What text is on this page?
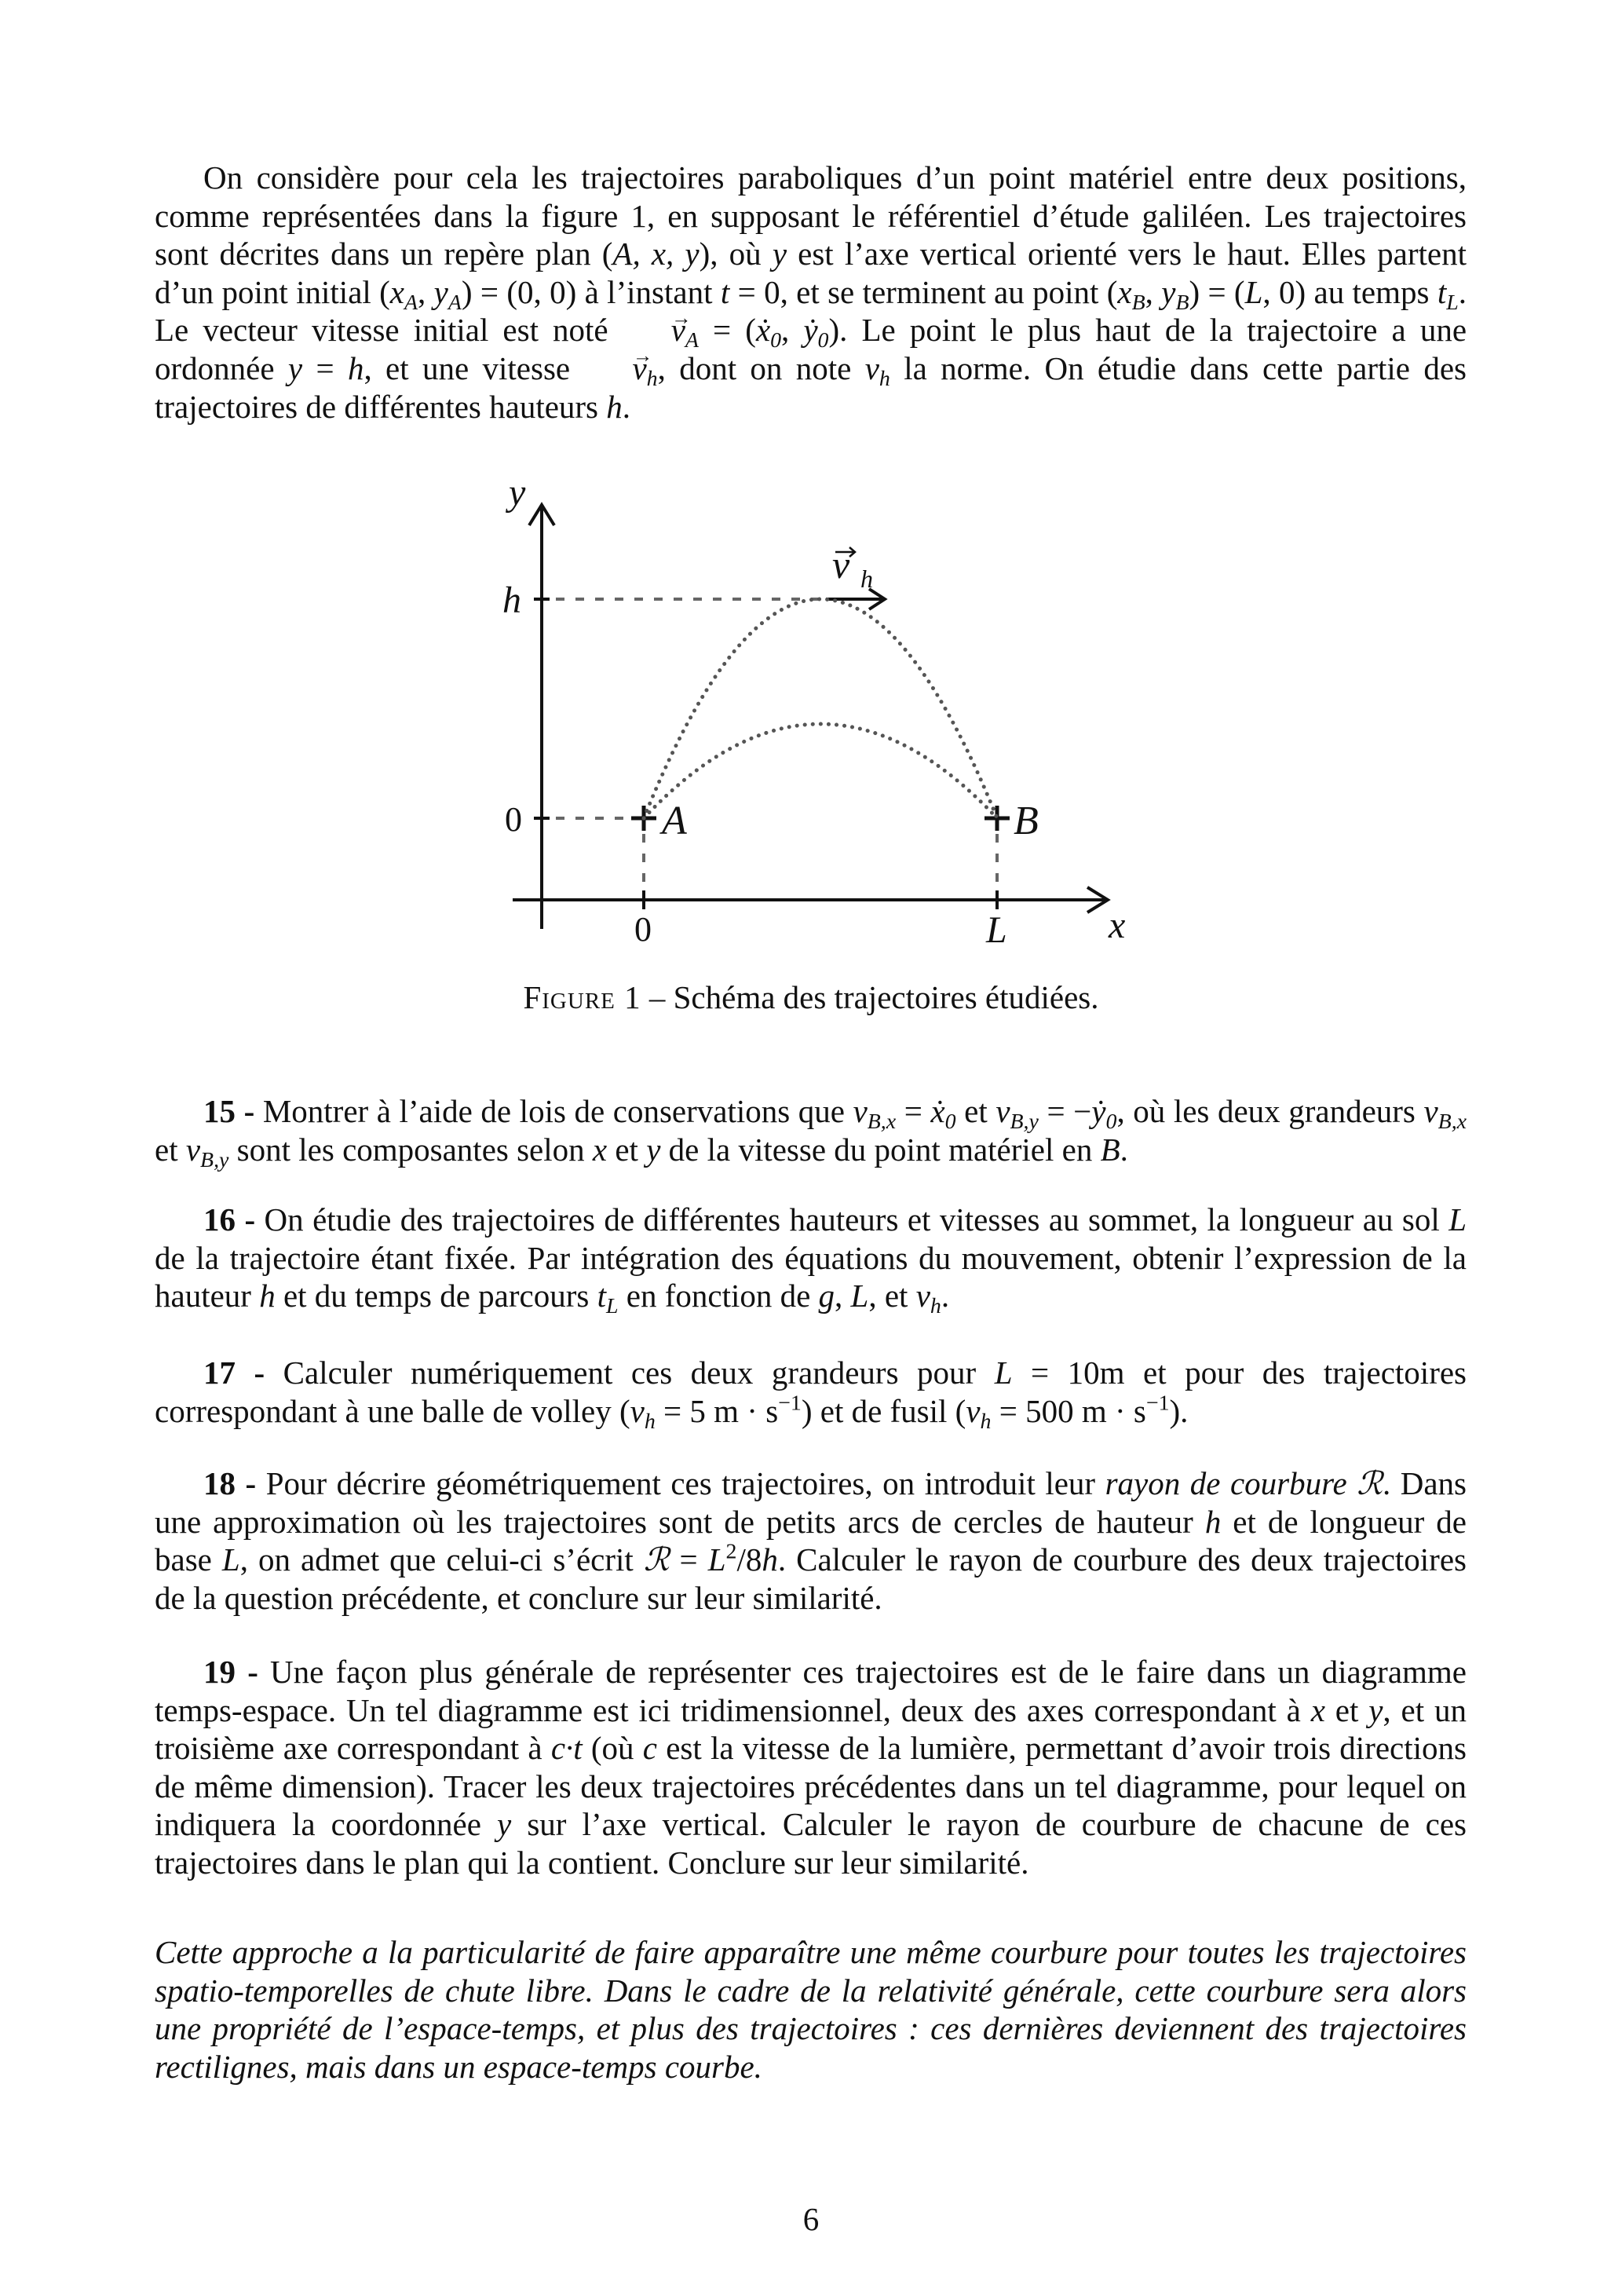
On considère pour cela les trajectoires paraboliques d’un point matériel entre deux positions, comme représentées dans la figure 1, en supposant le référentiel d’étude galiléen. Les trajectoires sont décrites dans un repère plan (A, x, y), où y est l’axe vertical orienté vers le haut. Elles partent d’un point initial ($x_A$, $y_A) = (0$, 0) à l’instant t = 0, et se terminent au point ($x_B$, $y_B) = (L$, 0) au temps $t_L$. Le vecteur vitesse initial est noté → $v_A$ = (ẋ$_0$, ẏ$_0$). Le point le plus haut de la trajectoire a une ordonnée y = h, et une vitesse → $v_h$, dont on note $v_h$ la norme. On étudie dans cette partie des trajectoires de différentes hauteurs h.

y
x
h
0
0	L
A	B
v h
Figure 1 – Schéma des trajectoires étudiées.

15 - Montrer à l’aide de lois de conservations que $v_{B,x}$ = ẋ$_0$ et $v_{B,y}$ = −ẏ$_0$, où les deux grandeurs $v_{B,x}$ et $v_{B,y}$ sont les composantes selon x et y de la vitesse du point matériel en B.

16 - On étudie des trajectoires de différentes hauteurs et vitesses au sommet, la longueur au sol L de la trajectoire étant fixée. Par intégration des équations du mouvement, obtenir l’expression de la hauteur h et du temps de parcours $t_L$ en fonction de g, L, et $v_h$.

17 - Calculer numériquement ces deux grandeurs pour L = 10m et pour des trajectoires correspondant à une balle de volley ($v_h = 5$ $m \cdot s^{-1}$) et de fusil ($v_h = 500$ $m \cdot s^{-1}$).

18 - Pour décrire géométriquement ces trajectoires, on introduit leur rayon de courbure ℛ. Dans une approximation où les trajectoires sont de petits arcs de cercles de hauteur h et de longueur de base L, on admet que celui-ci s’écrit ℛ = $L^2/8h$. Calculer le rayon de courbure des deux trajectoires de la question précédente, et conclure sur leur similarité.

19 - Une façon plus générale de représenter ces trajectoires est de le faire dans un diagramme temps-espace. Un tel diagramme est ici tridimensionnel, deux des axes correspondant à x et y, et un troisième axe correspondant à c·t (où c est la vitesse de la lumière, permettant d’avoir trois directions de même dimension). Tracer les deux trajectoires précédentes dans un tel diagramme, pour lequel on indiquera la coordonnée y sur l’axe vertical. Calculer le rayon de courbure de chacune de ces trajectoires dans le plan qui la contient. Conclure sur leur similarité.

Cette approche a la particularité de faire apparaître une même courbure pour toutes les trajectoires spatio-temporelles de chute libre. Dans le cadre de la relativité générale, cette courbure sera alors une propriété de l’espace-temps, et plus des trajectoires : ces dernières deviennent des trajectoires rectilignes, mais dans un espace-temps courbe.

6
